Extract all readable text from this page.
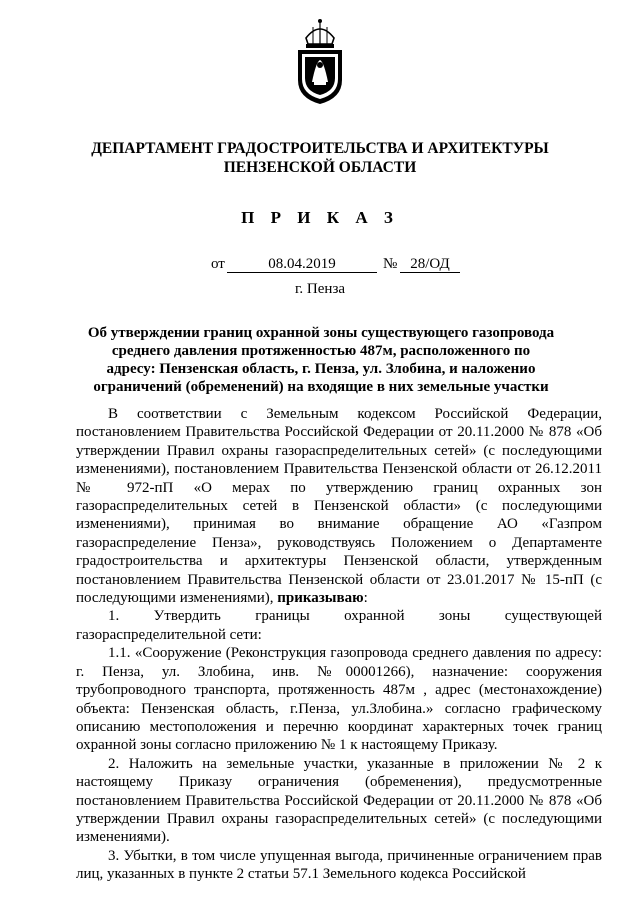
ДЕПАРТАМЕНТ ГРАДОСТРОИТЕЛЬСТВА И АРХИТЕКТУРЫ
ПЕНЗЕНСКОЙ ОБЛАСТИ
П Р И К А З
от	08.04.2019	№ 28/ОД
г. Пенза
Об утверждении границ охранной зоны существующего газопровода среднего давления протяженностью 487м, расположенного по адресу: Пензенская область, г. Пенза, ул. Злобина, и наложенио ограничений (обременений) на входящие в них земельные участки

В соответствии с Земельным кодексом Российской Федерации, постановлением Правительства Российской Федерации от 20.11.2000 № 878 «Об утверждении Правил охраны газораспределительных сетей» (с последующими изменениями), постановлением Правительства Пензенской области от 26.12.2011 № 972-пП «О мерах по утверждению границ охранных зон газораспределительных сетей в Пензенской области» (с последующими изменениями), принимая во внимание обращение АО «Газпром газораспределение Пенза», руководствуясь Положением о Департаменте градостроительства и архитектуры Пензенской области, утвержденным постановлением Правительства Пензенской области от 23.01.2017 № 15-пП (с последующими изменениями), приказываю:

1. Утвердить границы охранной зоны существующей газораспределительной сети:

1.1. «Сооружение (Реконструкция газопровода среднего давления по адресу: г. Пенза, ул. Злобина, инв. №00001266), назначение: сооружения трубопроводного транспорта, протяженность 487м , адрес (местонахождение) объекта: Пензенская область, г.Пенза, ул.Злобина.» согласно графическому описанию местоположения и перечню координат характерных точек границ охранной зоны согласно приложению № 1 к настоящему Приказу.

2. Наложить на земельные участки, указанные в приложении № 2 к настоящему Приказу ограничения (обременения), предусмотренные постановлением Правительства Российской Федерации от 20.11.2000 № 878 «Об утверждении Правил охраны газораспределительных сетей» (с последующими изменениями).

3. Убытки, в том числе упущенная выгода, причиненные ограничением прав лиц, указанных в пункте 2 статьи 57.1 Земельного кодекса Российской
